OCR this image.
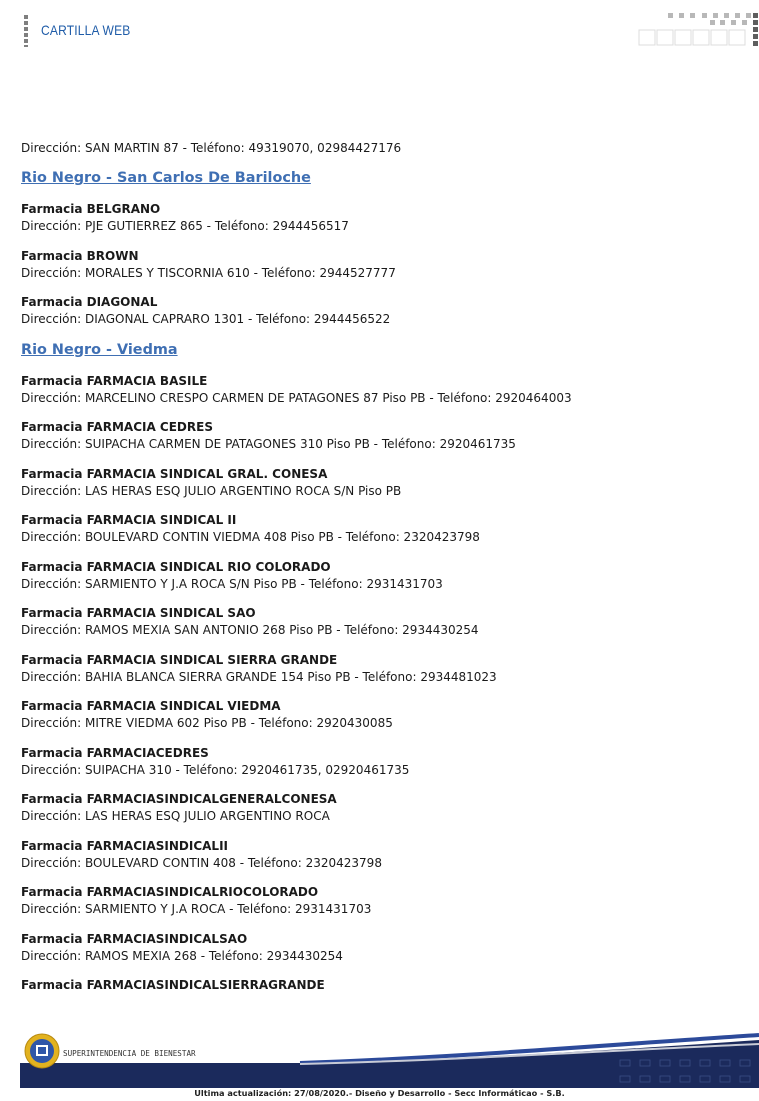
CARTILLA WEB

Dirección: SAN MARTIN 87 - Teléfono: 49319070, 02984427176

Rio Negro - San Carlos De Bariloche
Farmacia BELGRANO
Dirección: PJE GUTIERREZ 865 - Teléfono: 2944456517
Farmacia BROWN
Dirección: MORALES Y TISCORNIA 610 - Teléfono: 2944527777
Farmacia DIAGONAL
Dirección: DIAGONAL CAPRARO 1301 - Teléfono: 2944456522
Rio Negro - Viedma
Farmacia FARMACIA BASILE
Dirección: MARCELINO CRESPO CARMEN DE PATAGONES 87 Piso PB - Teléfono: 2920464003
Farmacia FARMACIA CEDRES
Dirección: SUIPACHA CARMEN DE PATAGONES 310 Piso PB - Teléfono: 2920461735
Farmacia FARMACIA SINDICAL GRAL. CONESA
Dirección: LAS HERAS ESQ JULIO ARGENTINO ROCA S/N Piso PB
Farmacia FARMACIA SINDICAL II
Dirección: BOULEVARD CONTIN VIEDMA 408 Piso PB - Teléfono: 2320423798
Farmacia FARMACIA SINDICAL RIO COLORADO
Dirección: SARMIENTO Y J.A ROCA S/N Piso PB - Teléfono: 2931431703
Farmacia FARMACIA SINDICAL SAO
Dirección: RAMOS MEXIA SAN ANTONIO 268 Piso PB - Teléfono: 2934430254
Farmacia FARMACIA SINDICAL SIERRA GRANDE
Dirección: BAHIA BLANCA SIERRA GRANDE 154 Piso PB - Teléfono: 2934481023
Farmacia FARMACIA SINDICAL VIEDMA
Dirección: MITRE VIEDMA 602 Piso PB - Teléfono: 2920430085
Farmacia FARMACIACEDRES
Dirección: SUIPACHA 310 - Teléfono: 2920461735, 02920461735
Farmacia FARMACIASINDICALGENERALCONESA
Dirección: LAS HERAS ESQ JULIO ARGENTINO ROCA
Farmacia FARMACIASINDICALII
Dirección: BOULEVARD CONTIN 408 - Teléfono: 2320423798
Farmacia FARMACIASINDICALRIOCOLORADO
Dirección: SARMIENTO Y J.A ROCA - Teléfono: 2931431703
Farmacia FARMACIASINDICALSAO
Dirección: RAMOS MEXIA 268 - Teléfono: 2934430254
Farmacia FARMACIASINDICALSIERRAGRANDE
SUPERINTENDENCIA DE BIENESTAR
Ultima actualización: 27/08/2020.- Diseño y Desarrollo - Secc Informáticao - S.B.
